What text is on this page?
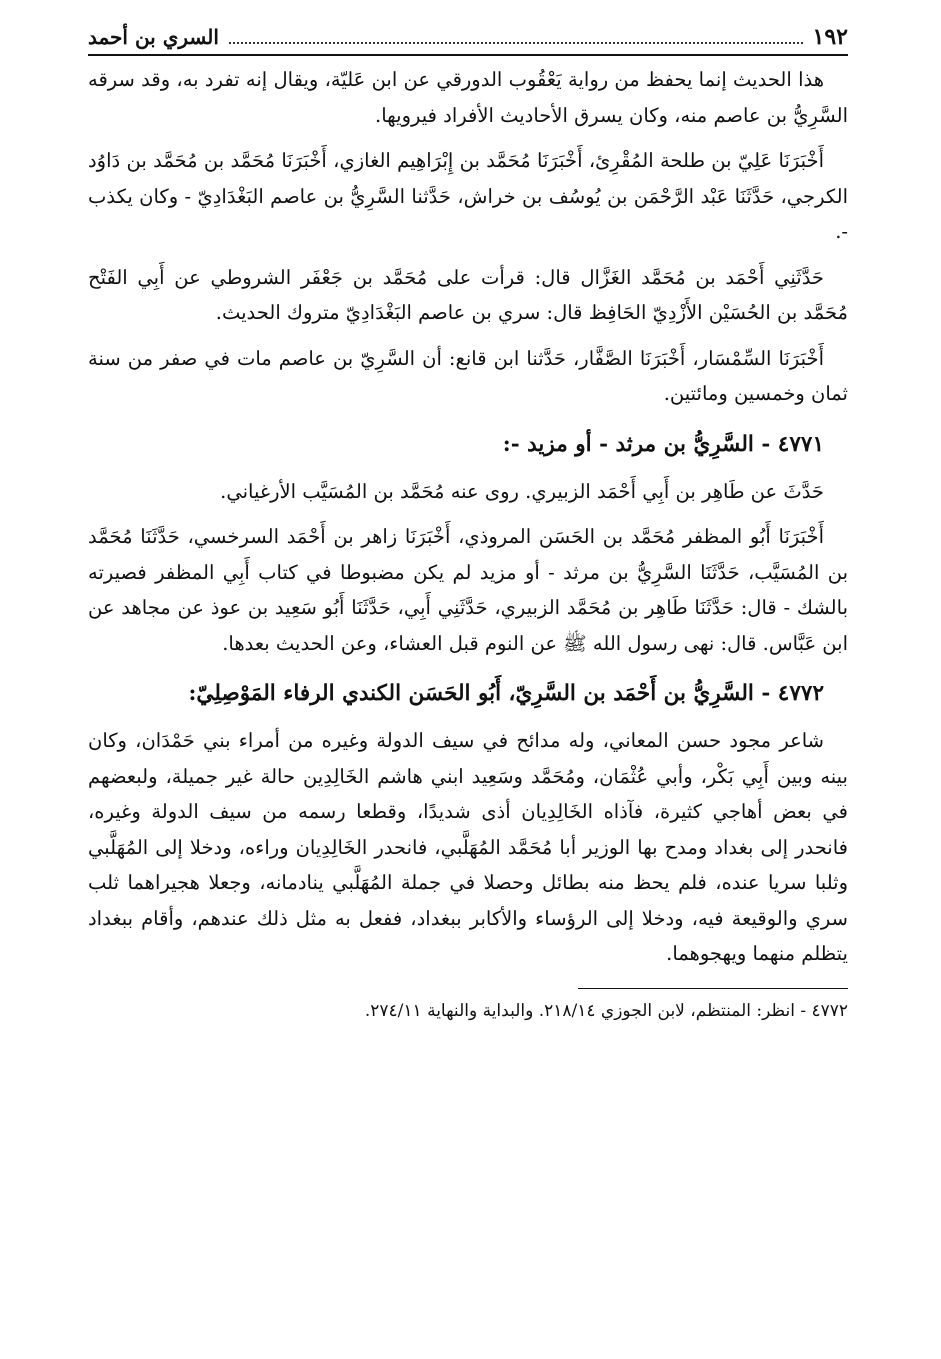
١٩٢
السري بن أحمد

هذا الحديث إنما يحفظ من رواية يَعْقُوب الدورقي عن ابن عَليّة، ويقال إنه تفرد به، وقد سرقه السَّرِيُّ بن عاصم منه، وكان يسرق الأحاديث الأفراد فيرويها.

أَخْبَرَنَا عَلِيّ بن طلحة المُقْرِئ، أَخْبَرَنَا مُحَمَّد بن إِبْرَاهِيم الغازي، أَخْبَرَنَا مُحَمَّد بن مُحَمَّد بن دَاوُد الكرجي، حَدَّثَنَا عَبْد الرَّحْمَن بن يُوسُف بن خراش، حَدَّثنا السَّرِيُّ بن عاصم البَغْدَادِيّ - وكان يكذب -.

حَدَّثَنِي أَحْمَد بن مُحَمَّد الغَزَّال قال: قرأت على مُحَمَّد بن جَعْفَر الشروطي عن أَبِي الفَتْح مُحَمَّد بن الحُسَيْن الأَزْدِيّ الحَافِظ قال: سري بن عاصم البَغْدَادِيّ متروك الحديث.

أَخْبَرَنَا السِّمْسَار، أَخْبَرَنَا الصَّفَّار، حَدَّثنا ابن قانع: أن السَّرِيّ بن عاصم مات في صفر من سنة ثمان وخمسين ومائتين.

٤٧٧١ - السَّرِيُّ بن مرثد - أو مزيد -:

حَدَّثَ عن طَاهِر بن أَبِي أَحْمَد الزبيري. روى عنه مُحَمَّد بن المُسَيَّب الأرغياني.

أَخْبَرَنَا أَبُو المظفر مُحَمَّد بن الحَسَن المروذي، أَخْبَرَنَا زاهر بن أَحْمَد السرخسي، حَدَّثَنَا مُحَمَّد بن المُسَيَّب، حَدَّثَنَا السَّرِيُّ بن مرثد - أو مزيد لم يكن مضبوطا في كتاب أَبِي المظفر فصيرته بالشك - قال: حَدَّثَنَا طَاهِر بن مُحَمَّد الزبيري، حَدَّثَنِي أَبِي، حَدَّثَنَا أَبُو سَعِيد بن عوذ عن مجاهد عن ابن عَبَّاس. قال: نهى رسول الله ﷺ عن النوم قبل العشاء، وعن الحديث بعدها.

٤٧٧٢ - السَّرِيُّ بن أَحْمَد بن السَّرِيّ، أَبُو الحَسَن الكندي الرفاء المَوْصِلِيّ:

شاعر مجود حسن المعاني، وله مدائح في سيف الدولة وغيره من أمراء بني حَمْدَان، وكان بينه وبين أَبِي بَكْر، وأبي عُثْمَان، ومُحَمَّد وسَعِيد ابني هاشم الخَالِدِين حالة غير جميلة، ولبعضهم في بعض أهاجي كثيرة، فآذاه الخَالِدِيان أذى شديدًا، وقطعا رسمه من سيف الدولة وغيره، فانحدر إلى بغداد ومدح بها الوزير أبا مُحَمَّد المُهَلَّبي، فانحدر الخَالِدِيان وراءه، ودخلا إلى المُهَلَّبي وثلبا سريا عنده، فلم يحظ منه بطائل وحصلا في جملة المُهَلَّبي ينادمانه، وجعلا هجيراهما ثلب سري والوقيعة فيه، ودخلا إلى الرؤساء والأكابر ببغداد، ففعل به مثل ذلك عندهم، وأقام ببغداد يتظلم منهما ويهجوهما.

٤٧٧٢ - انظر: المنتظم، لابن الجوزي ٢١٨/١٤. والبداية والنهاية ٢٧٤/١١.
